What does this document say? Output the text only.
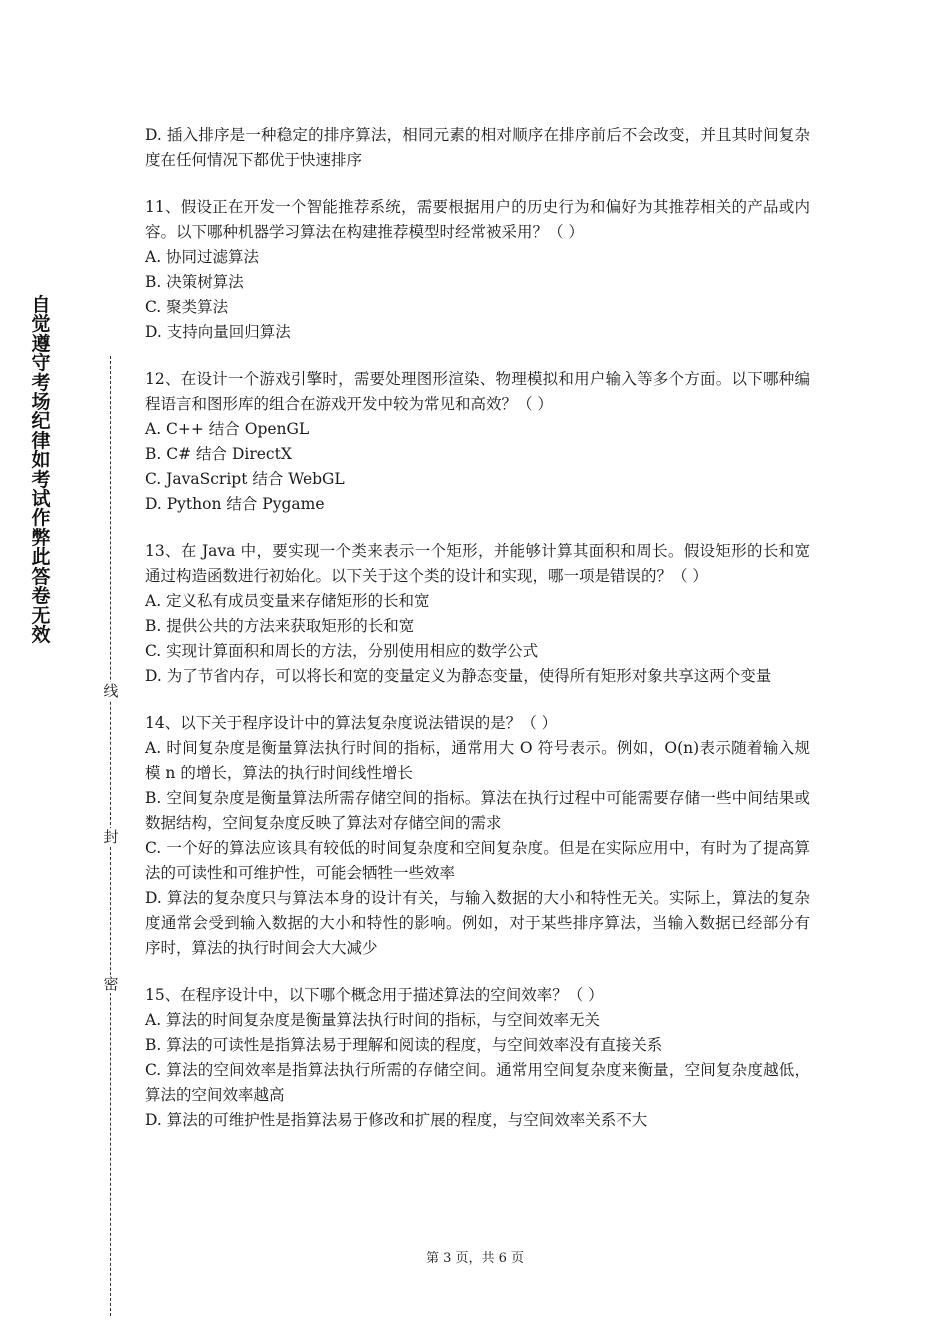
自觉遵守考场纪律如考试作弊此答卷无效
线
封
密
D. 插入排序是一种稳定的排序算法，相同元素的相对顺序在排序前后不会改变，并且其时间复杂度在任何情况下都优于快速排序
11、假设正在开发一个智能推荐系统，需要根据用户的历史行为和偏好为其推荐相关的产品或内容。以下哪种机器学习算法在构建推荐模型时经常被采用？（ ）
A. 协同过滤算法
B. 决策树算法
C. 聚类算法
D. 支持向量回归算法
12、在设计一个游戏引擎时，需要处理图形渲染、物理模拟和用户输入等多个方面。以下哪种编程语言和图形库的组合在游戏开发中较为常见和高效？（ ）
A. C++ 结合 OpenGL
B. C# 结合 DirectX
C. JavaScript 结合 WebGL
D. Python 结合 Pygame
13、在 Java 中，要实现一个类来表示一个矩形，并能够计算其面积和周长。假设矩形的长和宽通过构造函数进行初始化。以下关于这个类的设计和实现，哪一项是错误的？（ ）
A. 定义私有成员变量来存储矩形的长和宽
B. 提供公共的方法来获取矩形的长和宽
C. 实现计算面积和周长的方法，分别使用相应的数学公式
D. 为了节省内存，可以将长和宽的变量定义为静态变量，使得所有矩形对象共享这两个变量
14、以下关于程序设计中的算法复杂度说法错误的是？（ ）
A. 时间复杂度是衡量算法执行时间的指标，通常用大 O 符号表示。例如，O(n)表示随着输入规模 n 的增长，算法的执行时间线性增长
B. 空间复杂度是衡量算法所需存储空间的指标。算法在执行过程中可能需要存储一些中间结果或数据结构，空间复杂度反映了算法对存储空间的需求
C. 一个好的算法应该具有较低的时间复杂度和空间复杂度。但是在实际应用中，有时为了提高算法的可读性和可维护性，可能会牺牲一些效率
D. 算法的复杂度只与算法本身的设计有关，与输入数据的大小和特性无关。实际上，算法的复杂度通常会受到输入数据的大小和特性的影响。例如，对于某些排序算法，当输入数据已经部分有序时，算法的执行时间会大大减少
15、在程序设计中，以下哪个概念用于描述算法的空间效率？（ ）
A. 算法的时间复杂度是衡量算法执行时间的指标，与空间效率无关
B. 算法的可读性是指算法易于理解和阅读的程度，与空间效率没有直接关系
C. 算法的空间效率是指算法执行所需的存储空间。通常用空间复杂度来衡量，空间复杂度越低，算法的空间效率越高
D. 算法的可维护性是指算法易于修改和扩展的程度，与空间效率关系不大
第 3 页，共 6 页
